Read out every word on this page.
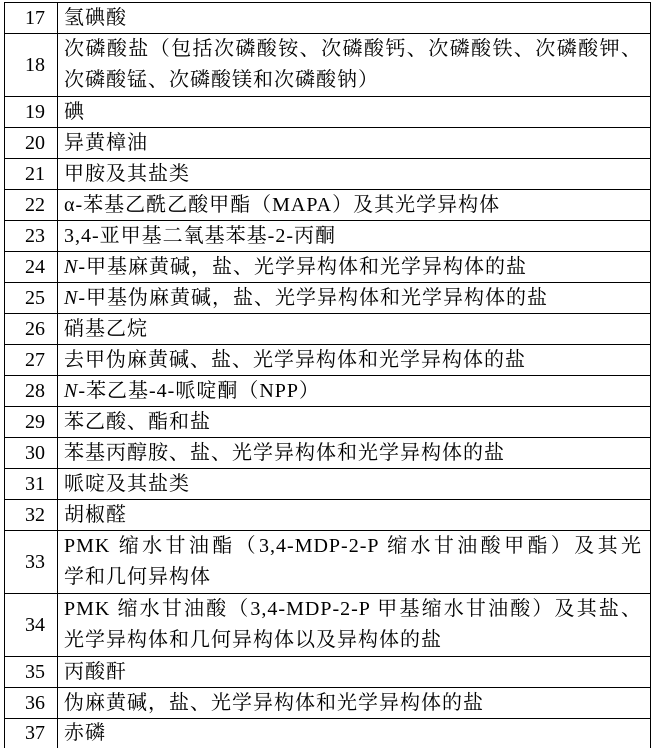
17 氢碘酸
18
次磷酸盐（包括次磷酸铵、次磷酸钙、次磷酸铁、次磷酸钾、
次磷酸锰、次磷酸镁和次磷酸钠）
19 碘
20 异黄樟油
21 甲胺及其盐类
22 α-苯基乙酰乙酸甲酯（MAPA）及其光学异构体
23 3,4-亚甲基二氧基苯基-2-丙酮
24 N-甲基麻黄碱，盐、光学异构体和光学异构体的盐
25 N-甲基伪麻黄碱，盐、光学异构体和光学异构体的盐
26 硝基乙烷
27 去甲伪麻黄碱、盐、光学异构体和光学异构体的盐
28 N-苯乙基-4-哌啶酮（NPP）
29 苯乙酸、酯和盐
30 苯基丙醇胺、盐、光学异构体和光学异构体的盐
31 哌啶及其盐类
32 胡椒醛
33
PMK 缩水甘油酯（3,4-MDP-2-P 缩水甘油酸甲酯）及其光
学和几何异构体
34
PMK 缩水甘油酸（3,4-MDP-2-P 甲基缩水甘油酸）及其盐、
光学异构体和几何异构体以及异构体的盐
35 丙酸酐
36 伪麻黄碱，盐、光学异构体和光学异构体的盐
37 赤磷
